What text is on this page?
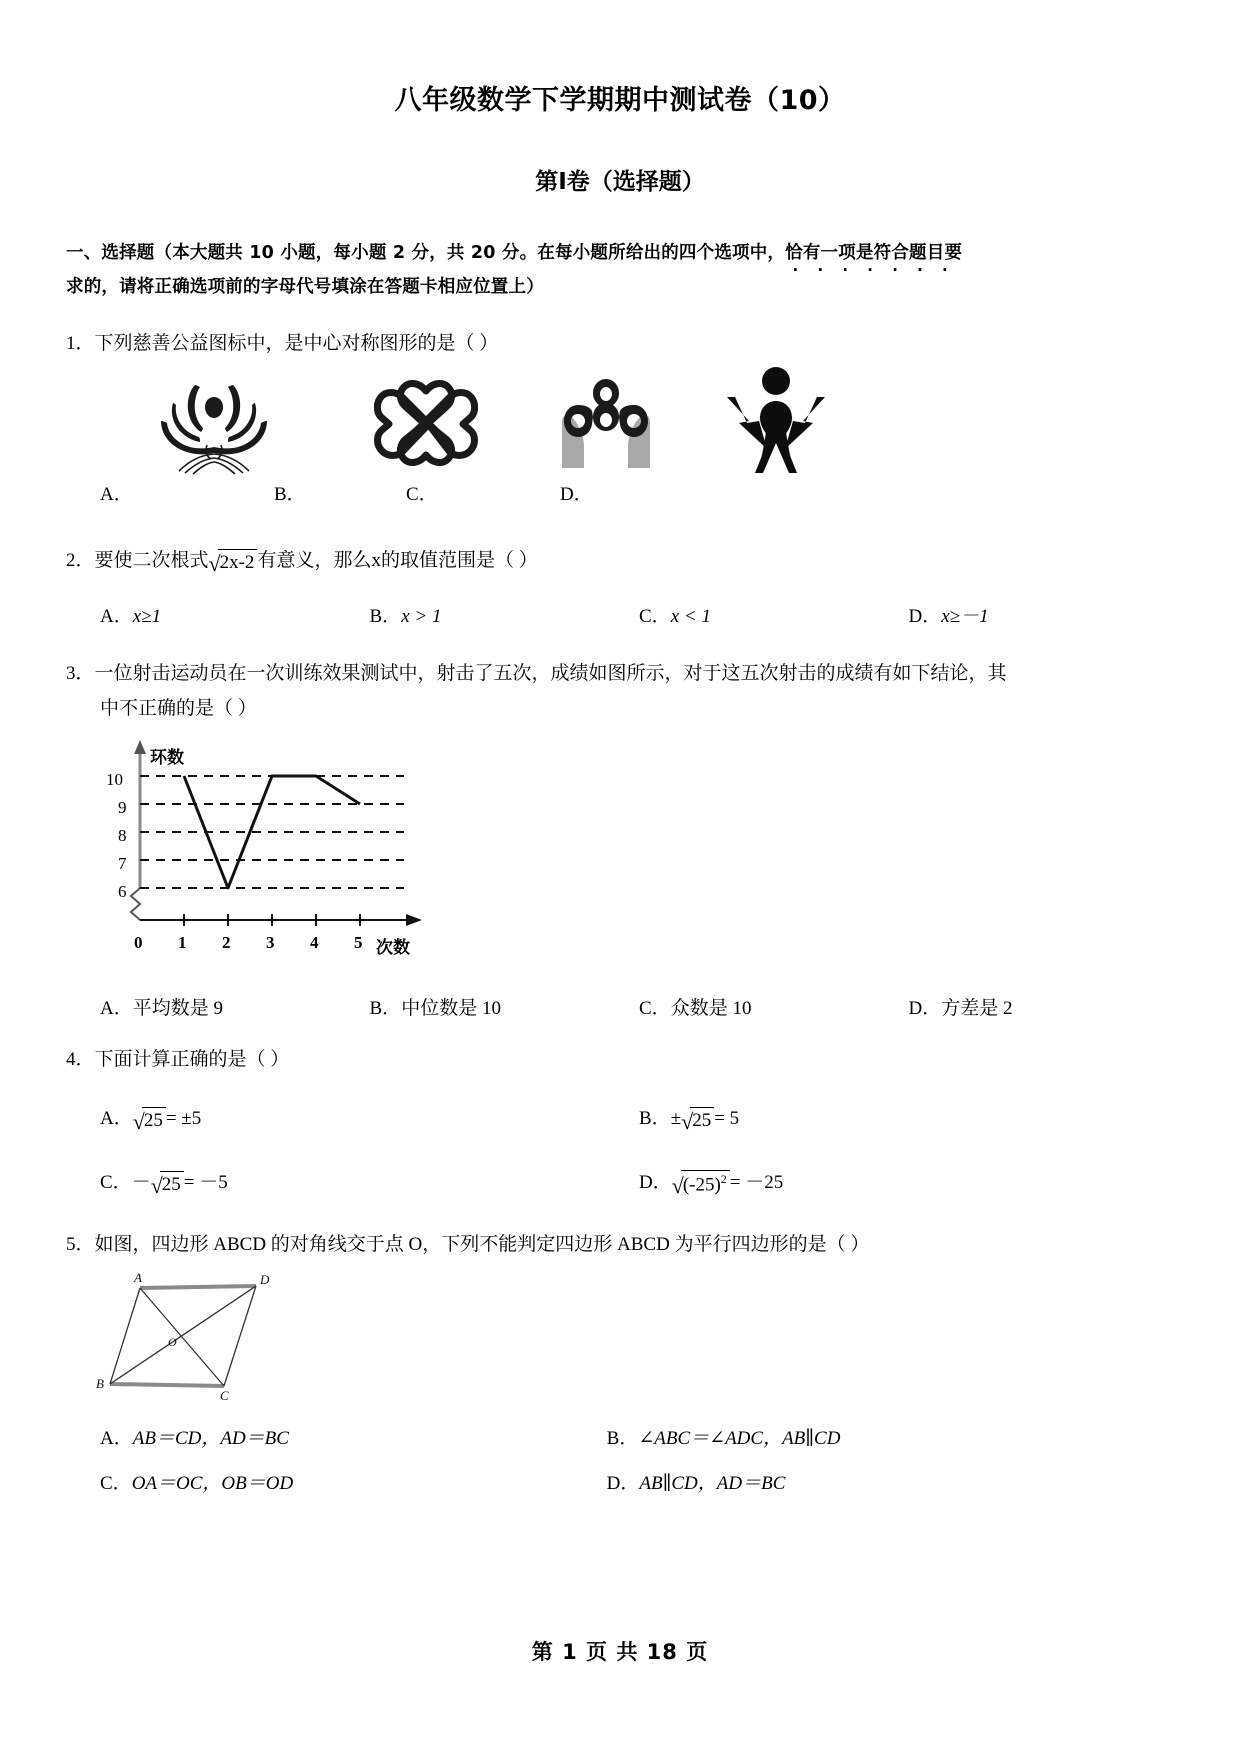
八年级数学下学期期中测试卷（10）
第Ⅰ卷（选择题）
一、选择题（本大题共 10 小题，每小题 2 分，共 20 分。在每小题所给出的四个选项中，恰有一项是符合题目要
· · · · · · ·

求的，请将正确选项前的字母代号填涂在答题卡相应位置上）
1．下列慈善公益图标中，是中心对称图形的是（ ）
A．	B．	C．	D．
2．要使二次根式√2x-2 有意义，那么x的取值范围是（ ）
A．x≥1	B．x > 1	C．x < 1	D．x≥－1
3．一位射击运动员在一次训练效果测试中，射击了五次，成绩如图所示，对于这五次射击的成绩有如下结论，其
中不正确的是（ ）
环数
10
9
8
7
6
0 1 2 3 4 5 次数
A．平均数是 9	B．中位数是 10	C．众数是 10	D．方差是 2
4．下面计算正确的是（ ）
A．√25 = ±5	B．±√25 = 5
C．－√25 = －5	D．$√(-25)^2 = -25$
5．如图，四边形 ABCD 的对角线交于点 O，下列不能判定四边形 ABCD 为平行四边形的是（ ）
A	D
B
C
O
A．AB＝CD，AD＝BC	B．∠ABC＝∠ADC，AB∥CD
C．OA＝OC，OB＝OD	D．AB∥CD，AD＝BC
第 1 页 共 18 页
